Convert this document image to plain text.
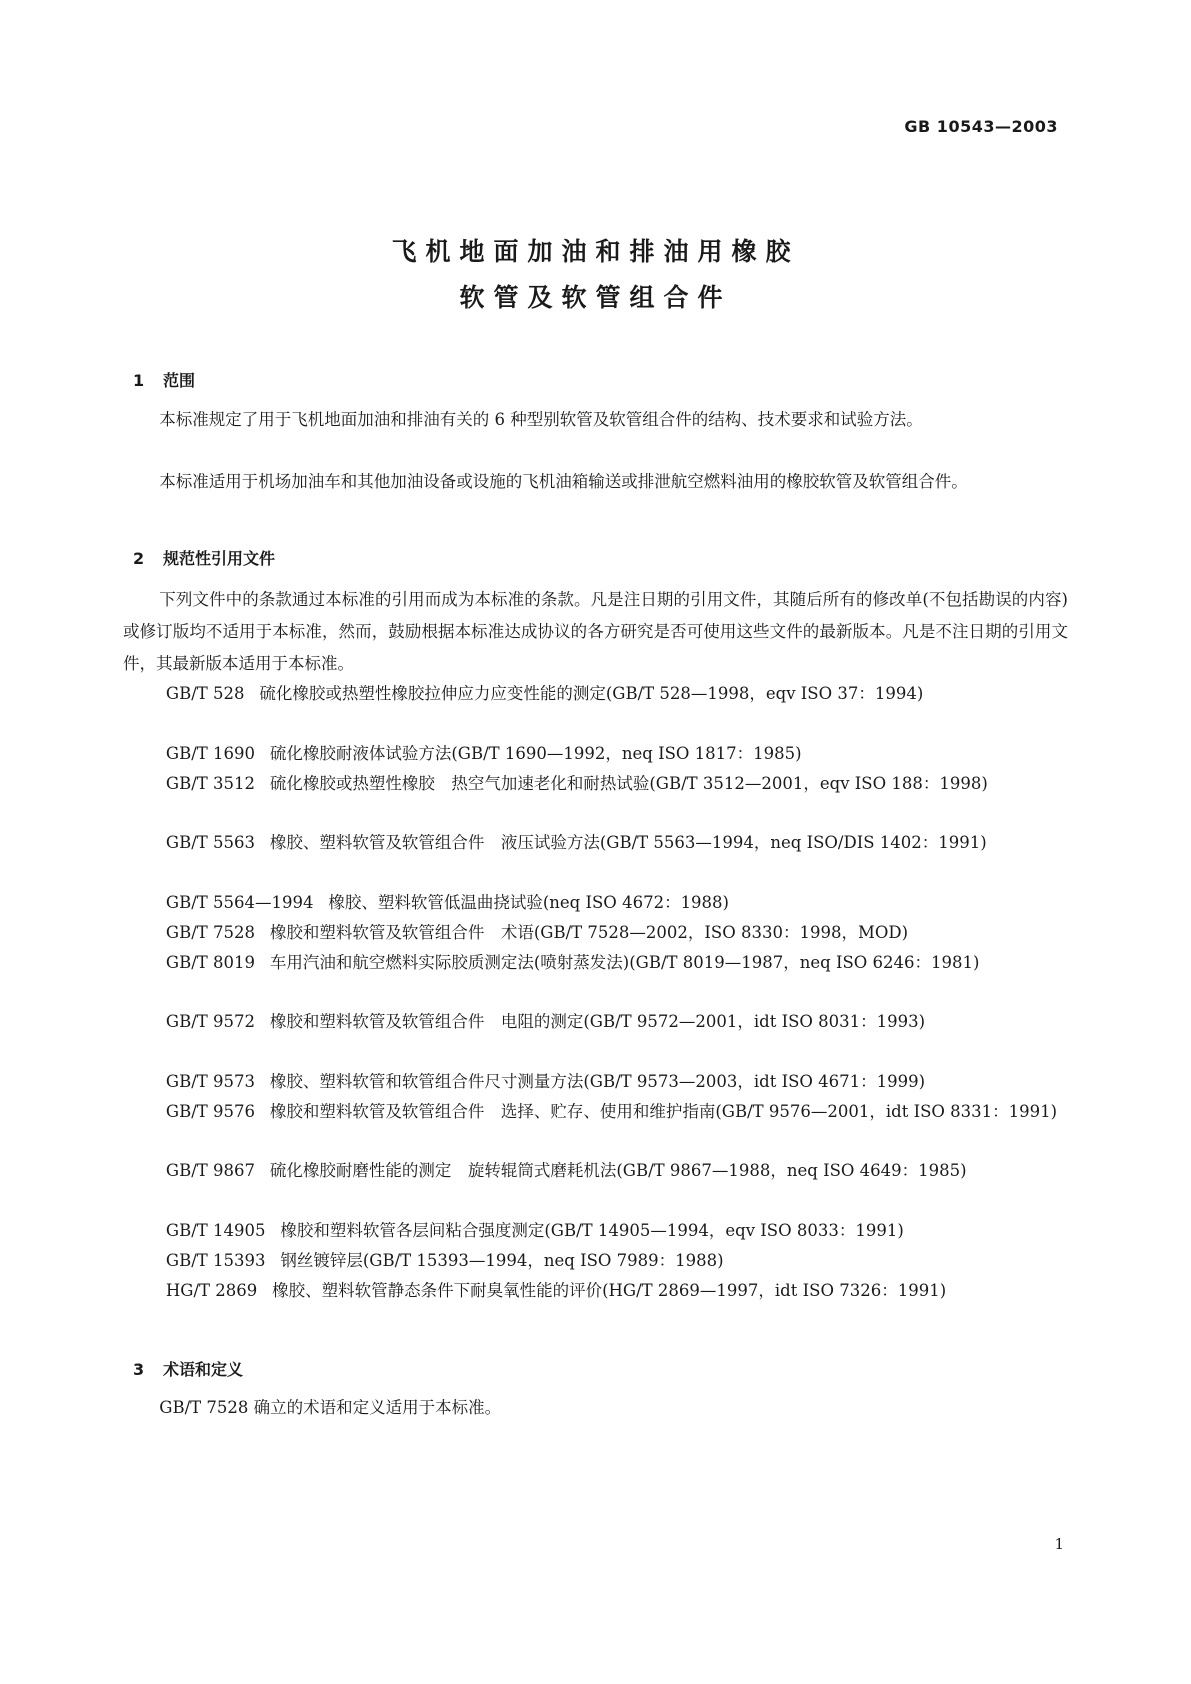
GB 10543—2003
飞机地面加油和排油用橡胶
软管及软管组合件
1 范围

本标准规定了用于飞机地面加油和排油有关的 6 种型别软管及软管组合件的结构、技术要求和试验方法。

本标准适用于机场加油车和其他加油设备或设施的飞机油箱输送或排泄航空燃料油用的橡胶软管及软管组合件。

2 规范性引用文件

下列文件中的条款通过本标准的引用而成为本标准的条款。凡是注日期的引用文件，其随后所有的修改单(不包括勘误的内容)或修订版均不适用于本标准，然而，鼓励根据本标准达成协议的各方研究是否可使用这些文件的最新版本。凡是不注日期的引用文件，其最新版本适用于本标准。

GB/T 528 硫化橡胶或热塑性橡胶拉伸应力应变性能的测定(GB/T 528—1998，eqv ISO 37：1994)
GB/T 1690 硫化橡胶耐液体试验方法(GB/T 1690—1992，neq ISO 1817：1985)
GB/T 3512 硫化橡胶或热塑性橡胶　热空气加速老化和耐热试验(GB/T 3512—2001，eqv ISO 188：1998)
GB/T 5563 橡胶、塑料软管及软管组合件　液压试验方法(GB/T 5563—1994，neq ISO/DIS 1402：1991)
GB/T 5564—1994 橡胶、塑料软管低温曲挠试验(neq ISO 4672：1988)
GB/T 7528 橡胶和塑料软管及软管组合件　术语(GB/T 7528—2002，ISO 8330：1998，MOD)
GB/T 8019 车用汽油和航空燃料实际胶质测定法(喷射蒸发法)(GB/T 8019—1987，neq ISO 6246：1981)
GB/T 9572 橡胶和塑料软管及软管组合件　电阻的测定(GB/T 9572—2001，idt ISO 8031：1993)
GB/T 9573 橡胶、塑料软管和软管组合件尺寸测量方法(GB/T 9573—2003，idt ISO 4671：1999)
GB/T 9576 橡胶和塑料软管及软管组合件　选择、贮存、使用和维护指南(GB/T 9576—2001，idt ISO 8331：1991)
GB/T 9867 硫化橡胶耐磨性能的测定　旋转辊筒式磨耗机法(GB/T 9867—1988，neq ISO 4649：1985)
GB/T 14905 橡胶和塑料软管各层间粘合强度测定(GB/T 14905—1994，eqv ISO 8033：1991)
GB/T 15393 钢丝镀锌层(GB/T 15393—1994，neq ISO 7989：1988)
HG/T 2869 橡胶、塑料软管静态条件下耐臭氧性能的评价(HG/T 2869—1997，idt ISO 7326：1991)
3 术语和定义

GB/T 7528 确立的术语和定义适用于本标准。

1
